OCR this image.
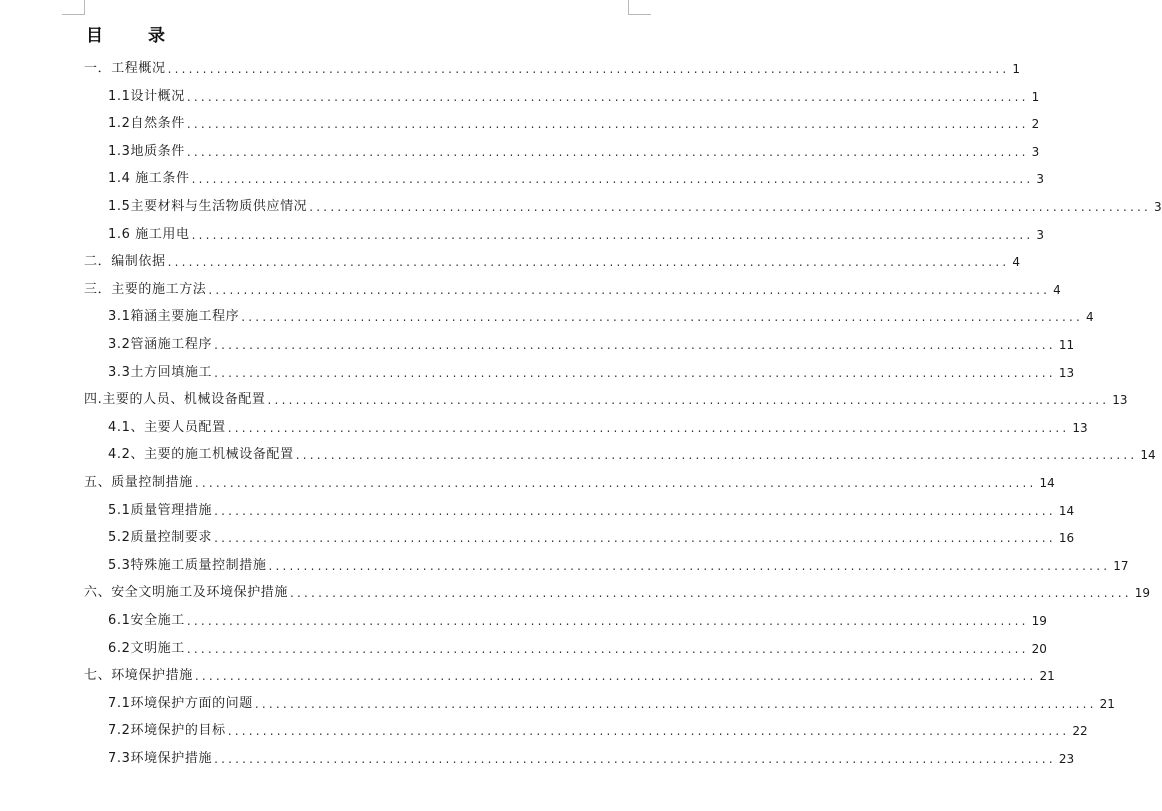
目　录
一．工程概况 ........................................................................................................................ 1
1.1设计概况 ........................................................................................................................ 1
1.2自然条件 ........................................................................................................................ 2
1.3地质条件 ........................................................................................................................ 3
1.4 施工条件 ........................................................................................................................ 3
1.5主要材料与生活物质供应情况 ........................................................................................................................ 3
1.6 施工用电 ........................................................................................................................ 3
二．编制依据 ........................................................................................................................ 4
三．主要的施工方法 ........................................................................................................................ 4
3.1箱涵主要施工程序 ........................................................................................................................ 4
3.2管涵施工程序 ........................................................................................................................ 11
3.3土方回填施工 ........................................................................................................................ 13
四.主要的人员、机械设备配置 ........................................................................................................................ 13
4.1、主要人员配置 ........................................................................................................................ 13
4.2、主要的施工机械设备配置 ........................................................................................................................ 14
五、质量控制措施 ........................................................................................................................ 14
5.1质量管理措施 ........................................................................................................................ 14
5.2质量控制要求 ........................................................................................................................ 16
5.3特殊施工质量控制措施 ........................................................................................................................ 17
六、安全文明施工及环境保护措施 ........................................................................................................................ 19
6.1安全施工 ........................................................................................................................ 19
6.2文明施工 ........................................................................................................................ 20
七、环境保护措施 ........................................................................................................................ 21
7.1环境保护方面的问题 ........................................................................................................................ 21
7.2环境保护的目标 ........................................................................................................................ 22
7.3环境保护措施 ........................................................................................................................ 23
